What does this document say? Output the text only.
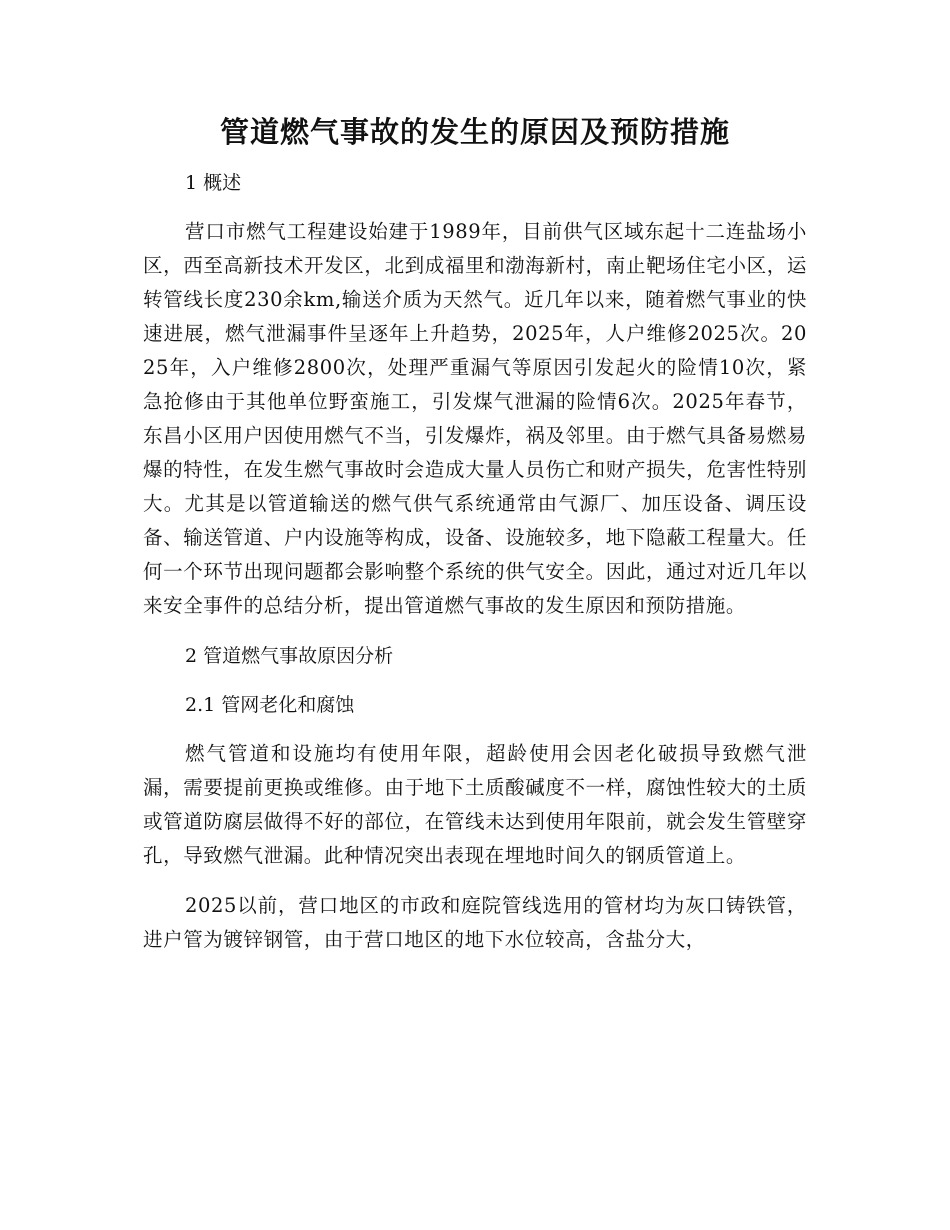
管道燃气事故的发生的原因及预防措施

1 概述

营口市燃气工程建设始建于1989年，目前供气区域东起十二连盐场小区，西至高新技术开发区，北到成福里和渤海新村，南止靶场住宅小区，运转管线长度230余km,输送介质为天然气。近几年以来，随着燃气事业的快速进展，燃气泄漏事件呈逐年上升趋势，2025年，人户维修2025次。2025年，入户维修2800次，处理严重漏气等原因引发起火的险情10次，紧急抢修由于其他单位野蛮施工，引发煤气泄漏的险情6次。2025年春节，东昌小区用户因使用燃气不当，引发爆炸，祸及邻里。由于燃气具备易燃易爆的特性，在发生燃气事故时会造成大量人员伤亡和财产损失，危害性特别大。尤其是以管道输送的燃气供气系统通常由气源厂、加压设备、调压设备、输送管道、户内设施等构成，设备、设施较多，地下隐蔽工程量大。任何一个环节出现问题都会影响整个系统的供气安全。因此，通过对近几年以来安全事件的总结分析，提出管道燃气事故的发生原因和预防措施。

2 管道燃气事故原因分析

2.1 管网老化和腐蚀

燃气管道和设施均有使用年限，超龄使用会因老化破损导致燃气泄漏，需要提前更换或维修。由于地下土质酸碱度不一样，腐蚀性较大的土质或管道防腐层做得不好的部位，在管线未达到使用年限前，就会发生管壁穿孔，导致燃气泄漏。此种情况突出表现在埋地时间久的钢质管道上。

2025以前，营口地区的市政和庭院管线选用的管材均为灰口铸铁管，进户管为镀锌钢管，由于营口地区的地下水位较高，含盐分大，
